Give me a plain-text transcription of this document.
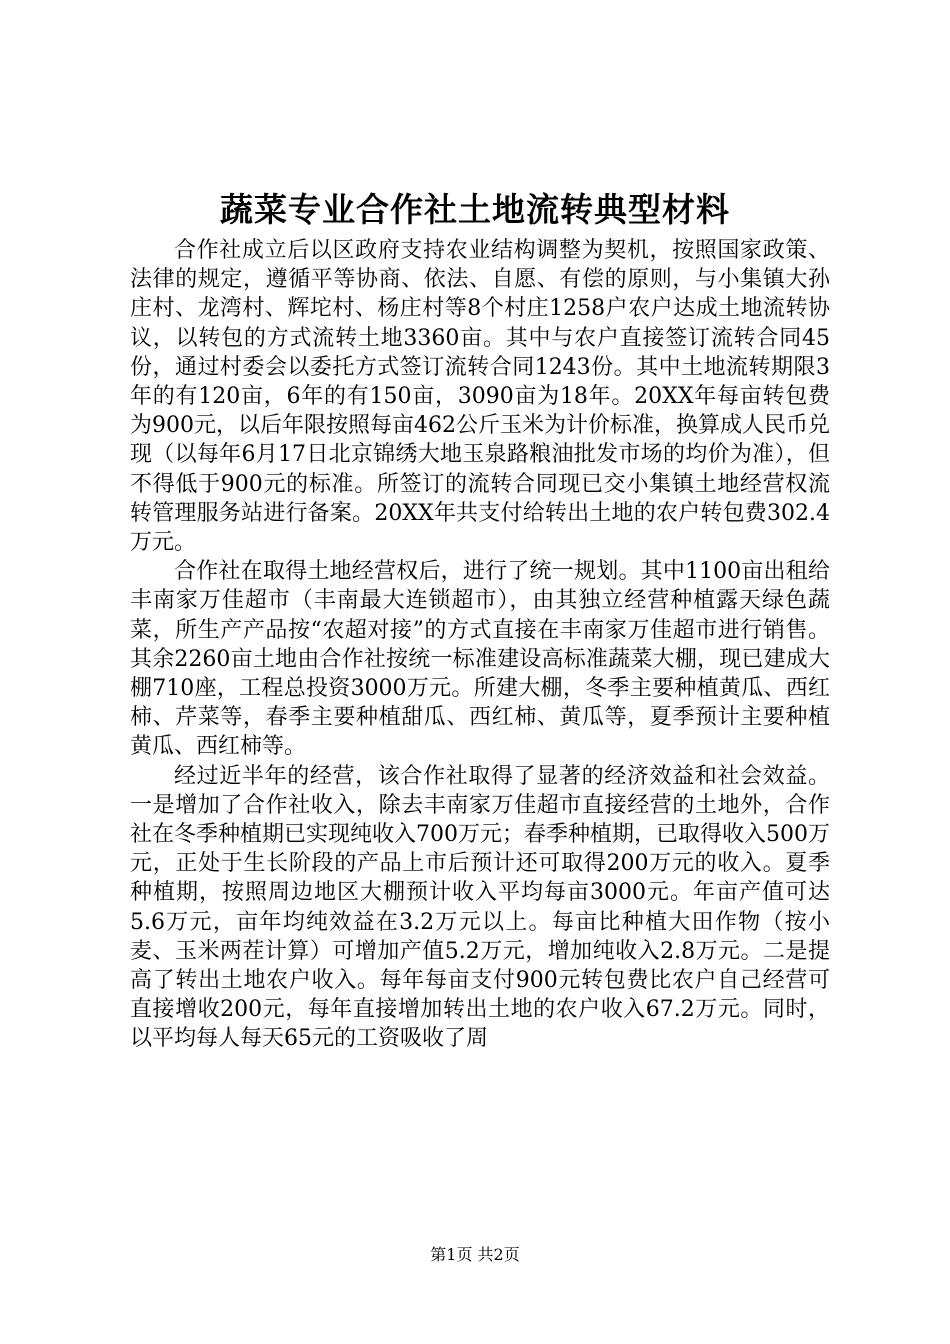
蔬菜专业合作社土地流转典型材料

合作社成立后以区政府支持农业结构调整为契机，按照国家政策、法律的规定，遵循平等协商、依法、自愿、有偿的原则，与小集镇大孙庄村、龙湾村、辉坨村、杨庄村等8个村庄1258户农户达成土地流转协议，以转包的方式流转土地3360亩。其中与农户直接签订流转合同45份，通过村委会以委托方式签订流转合同1243份。其中土地流转期限3年的有120亩，6年的有150亩，3090亩为18年。20XX年每亩转包费为900元，以后年限按照每亩462公斤玉米为计价标准，换算成人民币兑现（以每年6月17日北京锦绣大地玉泉路粮油批发市场的均价为准），但不得低于900元的标准。所签订的流转合同现已交小集镇土地经营权流转管理服务站进行备案。20XX年共支付给转出土地的农户转包费302.4万元。

合作社在取得土地经营权后，进行了统一规划。其中1100亩出租给丰南家万佳超市（丰南最大连锁超市），由其独立经营种植露天绿色蔬菜，所生产产品按“农超对接”的方式直接在丰南家万佳超市进行销售。其余2260亩土地由合作社按统一标准建设高标准蔬菜大棚，现已建成大棚710座，工程总投资3000万元。所建大棚，冬季主要种植黄瓜、西红柿、芹菜等，春季主要种植甜瓜、西红柿、黄瓜等，夏季预计主要种植黄瓜、西红柿等。

经过近半年的经营，该合作社取得了显著的经济效益和社会效益。一是增加了合作社收入，除去丰南家万佳超市直接经营的土地外，合作社在冬季种植期已实现纯收入700万元；春季种植期，已取得收入500万元，正处于生长阶段的产品上市后预计还可取得200万元的收入。夏季种植期，按照周边地区大棚预计收入平均每亩3000元。年亩产值可达5.6万元，亩年均纯效益在3.2万元以上。每亩比种植大田作物（按小麦、玉米两茬计算）可增加产值5.2万元，增加纯收入2.8万元。二是提高了转出土地农户收入。每年每亩支付900元转包费比农户自己经营可直接增收200元，每年直接增加转出土地的农户收入67.2万元。同时，以平均每人每天65元的工资吸收了周

第1页 共2页
